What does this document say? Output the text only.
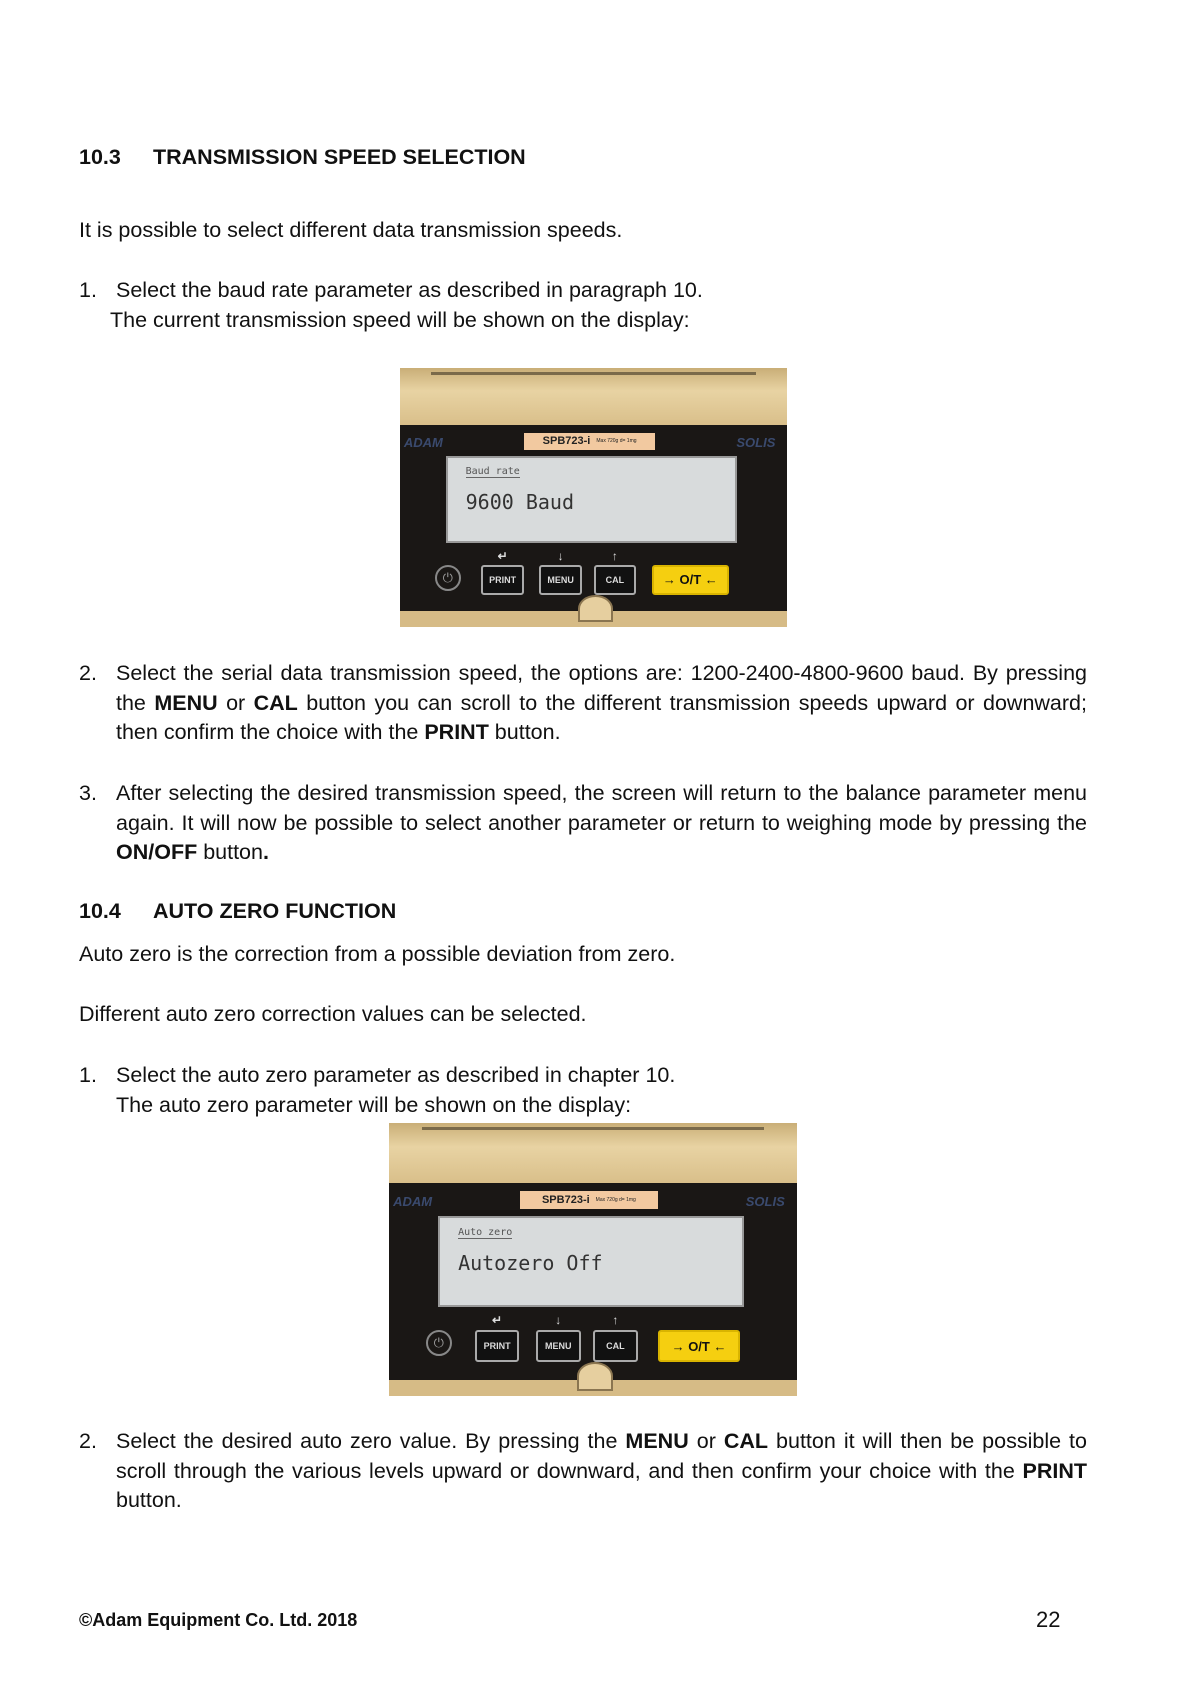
10.3 TRANSMISSION SPEED SELECTION
It is possible to select different data transmission speeds.
1. Select the baud rate parameter as described in paragraph 10.
The current transmission speed will be shown on the display:
ADAM	SPB723-i Max 720g d= 1mg	SOLIS
Baud rate
9600 Baud
⏻
↵
PRINT
↓
MENU
↑
CAL	→ O/T ←
2. Select the serial data transmission speed, the options are: 1200-2400-4800-9600 baud. By pressing the MENU or CAL button you can scroll to the different transmission speeds upward or downward; then confirm the choice with the PRINT button.
3. After selecting the desired transmission speed, the screen will return to the balance parameter menu again. It will now be possible to select another parameter or return to weighing mode by pressing the ON/OFF button.
10.4 AUTO ZERO FUNCTION
Auto zero is the correction from a possible deviation from zero.
Different auto zero correction values can be selected.
1. Select the auto zero parameter as described in chapter 10.
The auto zero parameter will be shown on the display:
ADAM	SPB723-i Max 720g d= 1mg	SOLIS
Auto zero
Autozero Off
⏻
↵
PRINT
↓
MENU
↑
CAL	→ O/T ←
2. Select the desired auto zero value. By pressing the MENU or CAL button it will then be possible to scroll through the various levels upward or downward, and then confirm your choice with the PRINT button.
©Adam Equipment Co. Ltd. 2018	22
